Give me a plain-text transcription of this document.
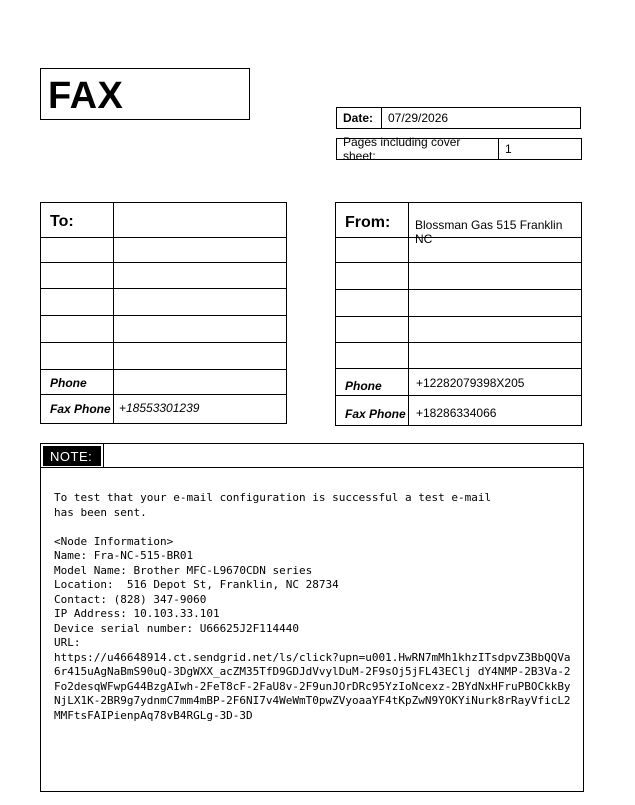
FAX
Date:	07/29/2026
Pages including cover sheet:	1
To:
Phone
Fax Phone +18553301239
From: Blossman Gas 515 Franklin NC
Phone	+12282079398X205
Fax Phone +18286334066
NOTE:
To test that your e-mail configuration is successful a test e-mail
has been sent.

<Node Information>
Name: Fra-NC-515-BR01
Model Name: Brother MFC-L9670CDN series
Location:  516 Depot St, Franklin, NC 28734
Contact: (828) 347-9060
IP Address: 10.103.33.101
Device serial number: U66625J2F114440
URL:
https://u46648914.ct.sendgrid.net/ls/click?upn=u001.HwRN7mMh1khzITsdpvZ3BbQQVa6r415uAgNaBmS90uQ-3DgWXX_acZM35TfD9GDJdVvylDuM-2F9sOj5jFL43EClj dY4NMP-2B3Va-2Fo2desqWFwpG44BzgAIwh-2FeT8cF-2FaU8v-2F9unJOrDRc95YzIoNcexz-2BYdNxHFruPBOCkkByNjLX1K-2BR9g7ydnmC7mm4mBP-2F6NI7v4WeWmT0pwZVyoaaYF4tKpZwN9YOKYiNurk8rRayVficL2MMFtsFAIPienpAq78vB4RGLg-3D-3D
